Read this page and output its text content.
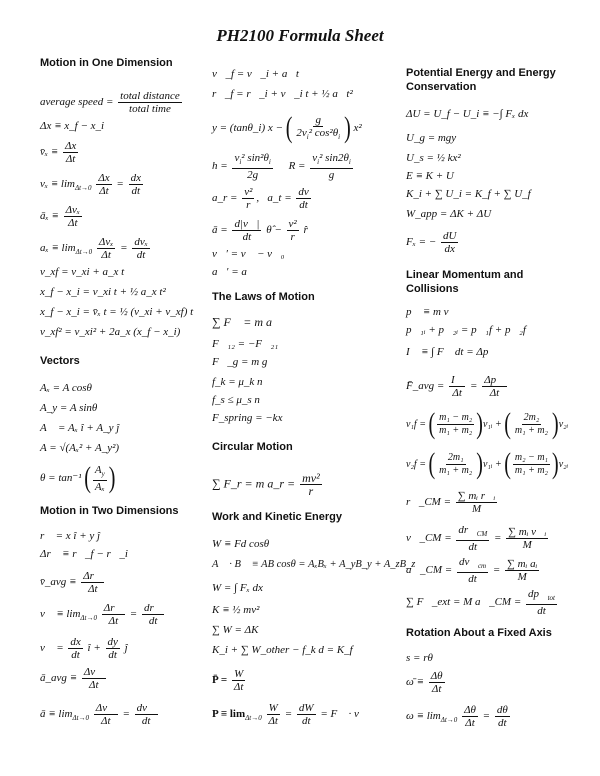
PH2100 Formula Sheet
Motion in One Dimension
average speed =
total distance
total time
Δx ≡ x_f − x_i
v̄ₓ ≡ $\frac{\Delta x}{\Delta t}$
$v_x \equiv \lim_{\Delta t\to 0} \frac{\Delta x}{\Delta t} = \frac{dx}{dt}$
āₓ ≡
Δvₓ
Δt
$a_x \equiv \lim_{\Delta t\to 0}$
Δvₓ
Δt
=
dvₓ
dt
v_xf = v_xi + a_x t
x_f − x_i = v_xi t + ½ a_x t²
x_f − x_i = v̄ₓ t = ½ (v_xi + v_xf) t
v_xf² = v_xi² + 2a_x (x_f − x_i)
Vectors
Aₓ = A cosθ
A_y = A sinθ
A⃗ = Aₓ î + A_y ĵ
A = √(Aₓ² + A_y²)
θ = tan⁻¹ ( $\frac{A_y}{\text{Aₓ}}$ )
Motion in Two Dimensions
r⃗ = x î + y ĵ
Δr⃗ ≡ r⃗_f − r⃗_i
v̄_avg ≡ $\frac{\Delta r⃗}{\Delta t}$
v⃗ ≡ $\lim_{\Delta t\to 0} \frac{\Delta r⃗}{\Delta t} = \frac{dr⃗}{dt}$
v⃗ = $\frac{dx}{dt}$ î + $\frac{dy}{dt}$ ĵ
ā_avg ≡ $\frac{\Delta v⃗}{\Delta t}$
ā ≡ $\lim_{\Delta t\to 0} \frac{\Delta v⃗}{\Delta t} = \frac{dv⃗}{dt}$
v⃗_f = v⃗_i + a⃗t
r⃗_f = r⃗_i + v⃗_i t + ½ a⃗t²
y = (tanθ_i) x − ( $\frac{g}{2v_i^2 \cos^2\theta_i}$ ) x²
$h = \frac{v_i^2 \sin^2\theta_i}{2g}$ $R = \frac{v_i^2 \sin 2\theta_i}{g}$
a_r = $\frac{\text{v²}}{r}$ ,   a_t = $\frac{dv}{dt}$
ā = $\frac{d|v⃗|}{dt}$ θ̂ − $\frac{\text{v²}}{r}$ r̂
v⃗′ = v⃗ − v⃗₀
a⃗′ = a⃗
The Laws of Motion
∑ F⃗ = m a⃗
F⃗₁₂ = −F⃗₂₁
F⃗_g = m g⃗
f_k = μ_k n
f_s ≤ μ_s n
F_spring = −kx
Circular Motion
∑ F_r = m a_r = $\frac{\text{mv²}}{r}$
Work and Kinetic Energy
W ≡ Fd cosθ
A⃗ · B⃗ ≡ AB cosθ = AₓBₓ + A_yB_y + A_zB_z
W = ∫ Fₓ dx
K ≡ ½ mv²
∑ W = ΔK
K_i + ∑ W_other − f_k d = K_f
P̄ = $\frac{W}{\Delta t}$
$P \equiv \lim_{\Delta t\to 0} \frac{W}{\Delta t} = \frac{dW}{dt}$ = F⃗ · v⃗
Potential Energy and Energy
Conservation
ΔU = U_f − U_i ≡ −∫ Fₓ dx
U_g = mgy
U_s = ½ kx²
E ≡ K + U
K_i + ∑ U_i = K_f + ∑ U_f
W_app = ΔK + ΔU
Fₓ = − $\frac{dU}{dx}$
Linear Momentum and
Collisions
p⃗ ≡ m v⃗
p⃗₁ᵢ + p⃗₂ᵢ = p⃗₁f + p⃗₂f
I⃗ ≡ ∫ F⃗ dt = Δp⃗
F̄_avg = $\frac{I⃗}{\Delta t} = \frac{\Delta p⃗}{\Delta t}$
v₁f = ( $\frac{\text{m₁ − m₂}}{\text{m₁ + m₂}}$ )v₁ᵢ + ( $\frac{\text{2m₂}}{\text{m₁ + m₂}}$ )v₂ᵢ
v₂f = ( $\frac{\text{2m₁}}{\text{m₁ + m₂}}$ )v₁ᵢ + ( $\frac{\text{m₂ − m₁}}{\text{m₁ + m₂}}$ )v₂ᵢ
r⃗_CM = $\frac{\text{∑ mᵢ r⃗ᵢ}}{M}$
v⃗_CM = $\frac{dr⃗_{CM}}{dt} = \frac{\text{∑ mᵢ v⃗ᵢ}}{M}$
a⃗_CM = $\frac{dv⃗_{cm}}{dt} = \frac{\text{∑ mᵢ aᵢ}}{M}$
∑ F⃗_ext = M a⃗_CM =
$dp⃗_{tot}$
dt
Rotation About a Fixed Axis
s = rθ
ω̄ ≡ $\frac{\Delta\theta}{\Delta t}$
$\omega \equiv \lim_{\Delta t\to 0} \frac{\Delta\theta}{\Delta t} = \frac{d\theta}{dt}$
